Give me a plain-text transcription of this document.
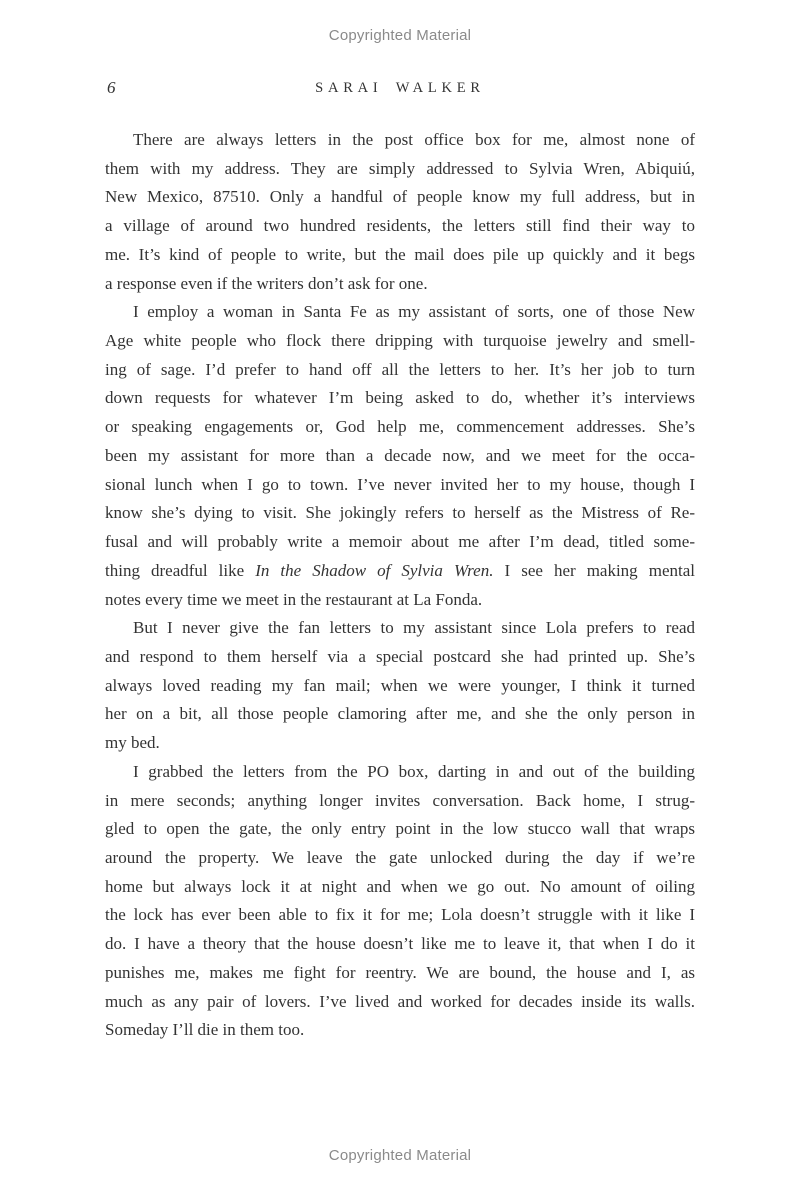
Copyrighted Material
6	SARAI WALKER
There are always letters in the post office box for me, almost none of
them with my address. They are simply addressed to Sylvia Wren, Abiquiú,
New Mexico, 87510. Only a handful of people know my full address, but in
a village of around two hundred residents, the letters still find their way to
me. It’s kind of people to write, but the mail does pile up quickly and it begs
a response even if the writers don’t ask for one.
I employ a woman in Santa Fe as my assistant of sorts, one of those New
Age white people who flock there dripping with turquoise jewelry and smell-
ing of sage. I’d prefer to hand off all the letters to her. It’s her job to turn
down requests for whatever I’m being asked to do, whether it’s interviews
or speaking engagements or, God help me, commencement addresses. She’s
been my assistant for more than a decade now, and we meet for the occa-
sional lunch when I go to town. I’ve never invited her to my house, though I
know she’s dying to visit. She jokingly refers to herself as the Mistress of Re-
fusal and will probably write a memoir about me after I’m dead, titled some-
thing dreadful like In the Shadow of Sylvia Wren. I see her making mental
notes every time we meet in the restaurant at La Fonda.
But I never give the fan letters to my assistant since Lola prefers to read
and respond to them herself via a special postcard she had printed up. She’s
always loved reading my fan mail; when we were younger, I think it turned
her on a bit, all those people clamoring after me, and she the only person in
my bed.
I grabbed the letters from the PO box, darting in and out of the building
in mere seconds; anything longer invites conversation. Back home, I strug-
gled to open the gate, the only entry point in the low stucco wall that wraps
around the property. We leave the gate unlocked during the day if we’re
home but always lock it at night and when we go out. No amount of oiling
the lock has ever been able to fix it for me; Lola doesn’t struggle with it like I
do. I have a theory that the house doesn’t like me to leave it, that when I do it
punishes me, makes me fight for reentry. We are bound, the house and I, as
much as any pair of lovers. I’ve lived and worked for decades inside its walls.
Someday I’ll die in them too.
Copyrighted Material
